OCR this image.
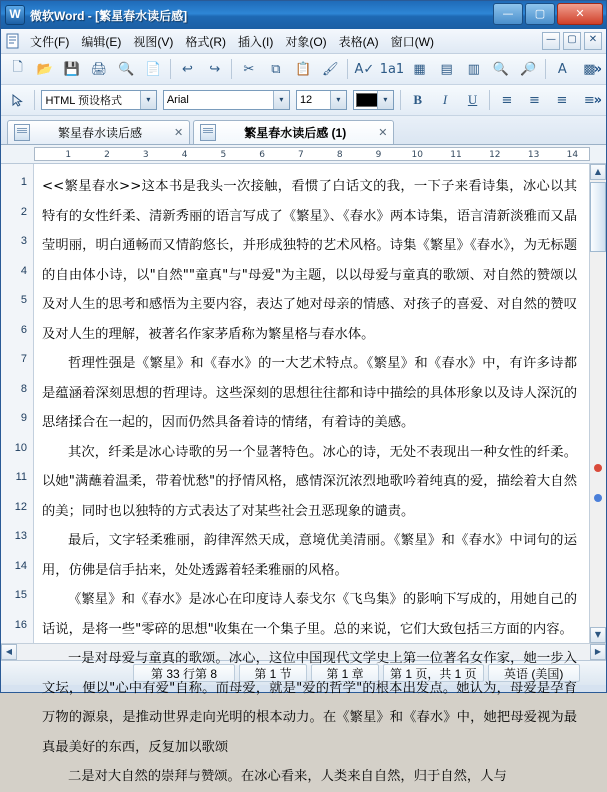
W 微软Word - [繁星春水读后感]	—	▢	✕
文件(F)	编辑(E)	视图(V)	格式(R)	插入(I)	对象(O)	表格(A)	窗口(W)	—	▢	✕
🗋	📂 💾 🖨 🔍 📄	↩	↪	✂	⧉	📋 🖌	A✓ 1a1 ▦	▤	▥ 🔍 🔎	A	▩
»
HTML 预设格式	▾	Arial	▾	12	▾	▾	B	I	U	≡	≡	≡	≡
»
繁星春水读后感	✕	繁星春水读后感 (1)	✕
1	2	3	4	5	6	7	8	9	10	11	12	13	14
1
2
3
4
5
6
7
8
9
10
11
12
13
14
15
16

<<繁星春水>>这本书是我头一次接触，看惯了白话文的我，一下子来看诗集，冰心以其特有的女性纤柔、清新秀丽的语言写成了《繁星》、《春水》两本诗集，语言清新淡雅而又晶莹明丽，明白通畅而又情韵悠长，并形成独特的艺术风格。诗集《繁星》《春水》，为无标题的自由体小诗，以"自然""童真"与"母爱"为主题，以以母爱与童真的歌颂、对自然的赞颂以及对人生的思考和感悟为主要内容，表达了她对母亲的情感、对孩子的喜爱、对自然的赞叹及对人生的理解，被著名作家茅盾称为繁星格与春水体。

哲理性强是《繁星》和《春水》的一大艺术特点。《繁星》和《春水》中，有许多诗都是蕴涵着深刻思想的哲理诗。这些深刻的思想往往都和诗中描绘的具体形象以及诗人深沉的思绪揉合在一起的，因而仍然具备着诗的情绪，有着诗的美感。

其次，纤柔是冰心诗歌的另一个显著特色。冰心的诗，无处不表现出一种女性的纤柔。以她"满蘸着温柔，带着忧愁"的抒情风格，感情深沉浓烈地歌吟着纯真的爱，描绘着大自然的美；同时也以独特的方式表达了对某些社会丑恶现象的谴责。

最后，文字轻柔雅丽，韵律浑然天成，意境优美清丽。《繁星》和《春水》中词句的运用，仿佛是信手拈来，处处透露着轻柔雅丽的风格。

《繁星》和《春水》是冰心在印度诗人泰戈尔《飞鸟集》的影响下写成的，用她自己的话说，是将一些"零碎的思想"收集在一个集子里。总的来说，它们大致包括三方面的内容。

一是对母爱与童真的歌颂。冰心，这位中国现代文学史上第一位著名女作家，她一步入文坛，便以"心中有爱"自称。而母爱，就是"爱的哲学"的根本出发点。她认为，母爱是孕育万物的源泉，是推动世界走向光明的根本动力。在《繁星》和《春水》中，她把母爱视为最真最美好的东西，反复加以歌颂

二是对大自然的崇拜与赞颂。在冰心看来，人类来自自然，归于自然，人与

▲
▼
◀	▶
第 33 行第 8	第 1 节	第 1 章	第 1 页，共 1 页	英语 (美国)
